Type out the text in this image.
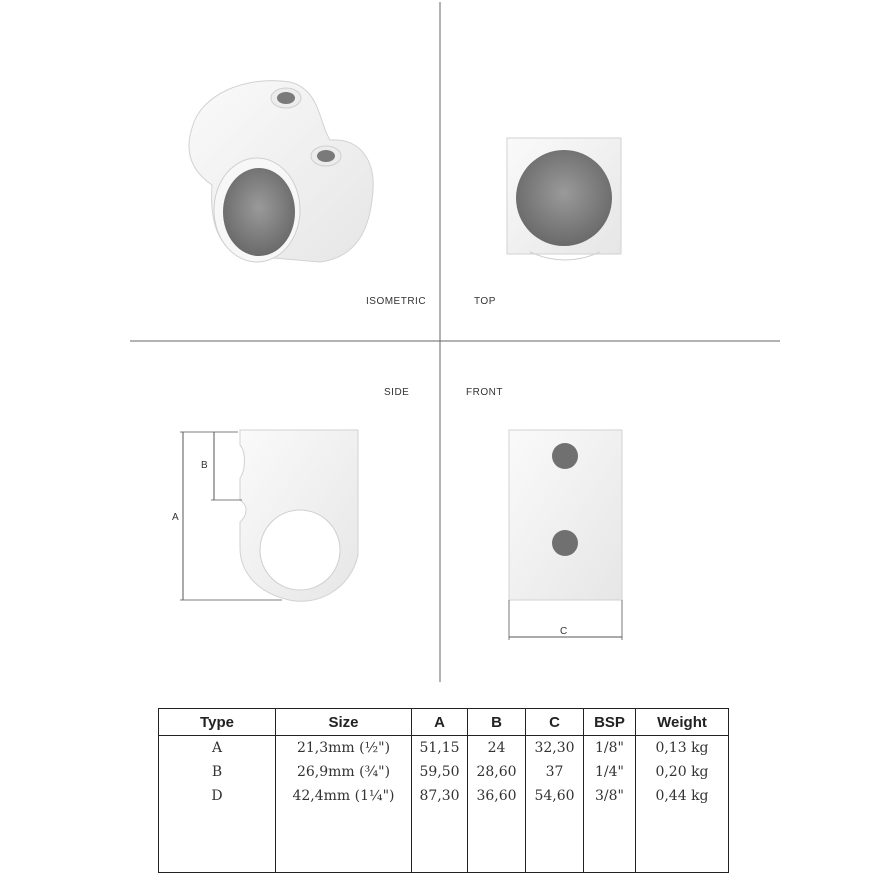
A
B
C
ISOMETRIC	TOP
SIDE	FRONT
Type	Size	A	B	C	BSP	Weight
A	21,3mm (½")	51,15	24	32,30	1/8"	0,13 kg
B	26,9mm (¾")	59,50	28,60	37	1/4"	0,20 kg
D	42,4mm (1¼")	87,30	36,60	54,60	3/8"	0,44 kg
